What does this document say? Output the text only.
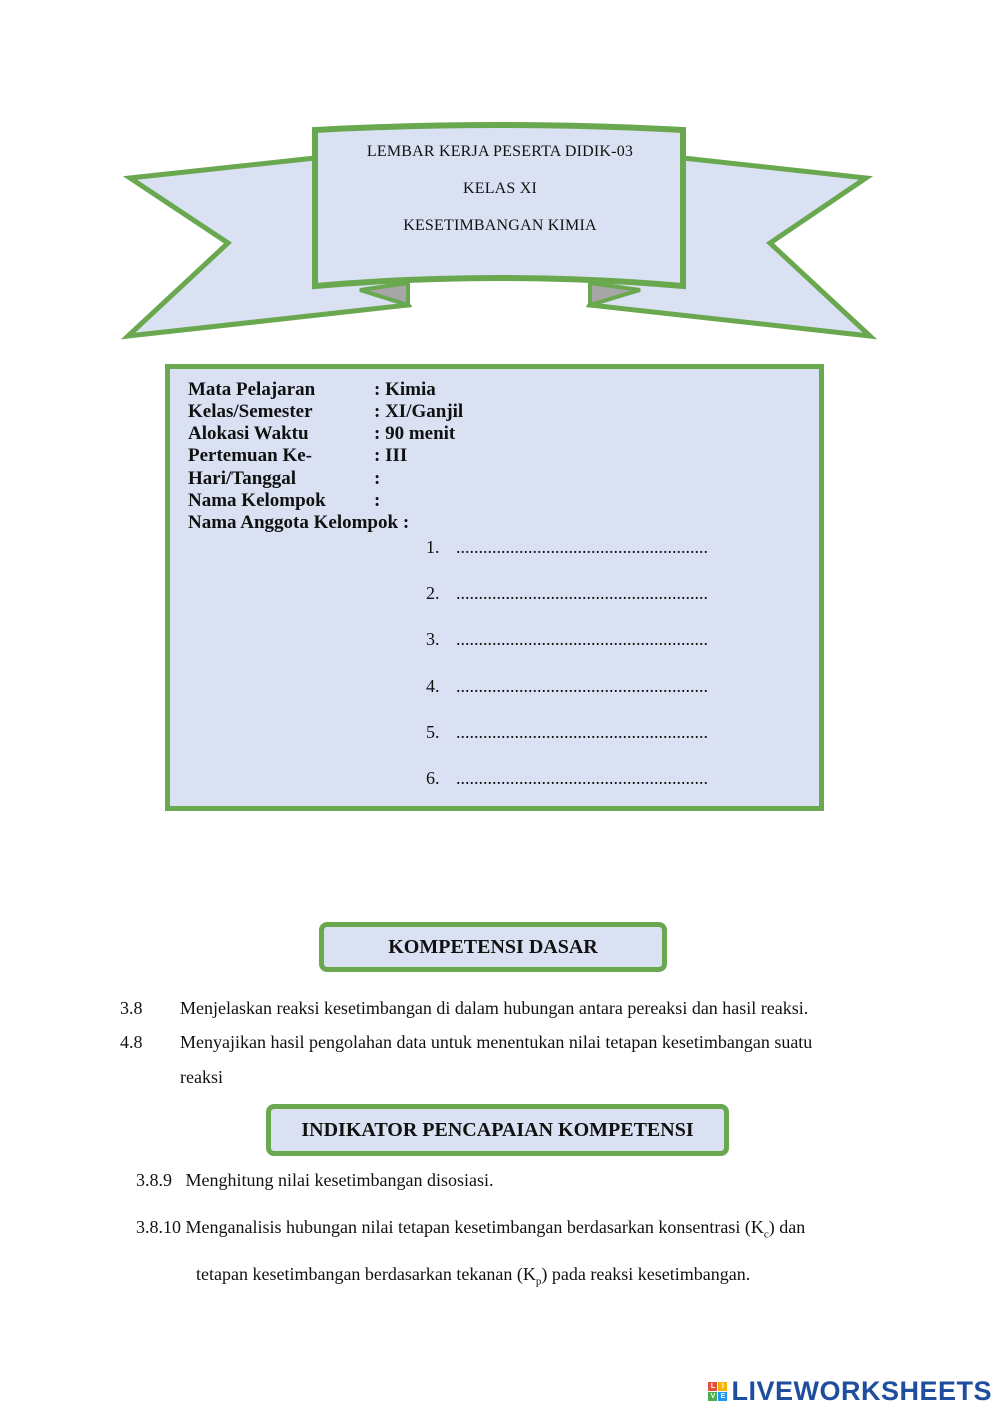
LEMBAR KERJA PESERTA DIDIK-03
KELAS XI
KESETIMBANGAN KIMIA
Mata Pelajaran	: Kimia
Kelas/Semester	: XI/Ganjil
Alokasi Waktu	: 90 menit
Pertemuan Ke-	: III
Hari/Tanggal	:
Nama Kelompok	:
Nama Anggota Kelompok :
1. ........................................................
2. ........................................................
3. ........................................................
4. ........................................................
5. ........................................................
6. ........................................................
KOMPETENSI DASAR
3.8 Menjelaskan reaksi kesetimbangan di dalam hubungan antara pereaksi dan hasil reaksi.
4.8 Menyajikan hasil pengolahan data untuk menentukan nilai tetapan kesetimbangan suatu
reaksi
INDIKATOR PENCAPAIAN KOMPETENSI
3.8.9   Menghitung nilai kesetimbangan disosiasi.
3.8.10 Menganalisis hubungan nilai tetapan kesetimbangan berdasarkan konsentrasi $(K_c)$ dan
tetapan kesetimbangan berdasarkan tekanan $(K_p)$ pada reaksi kesetimbangan.
L I
V E LIVEWORKSHEETS
